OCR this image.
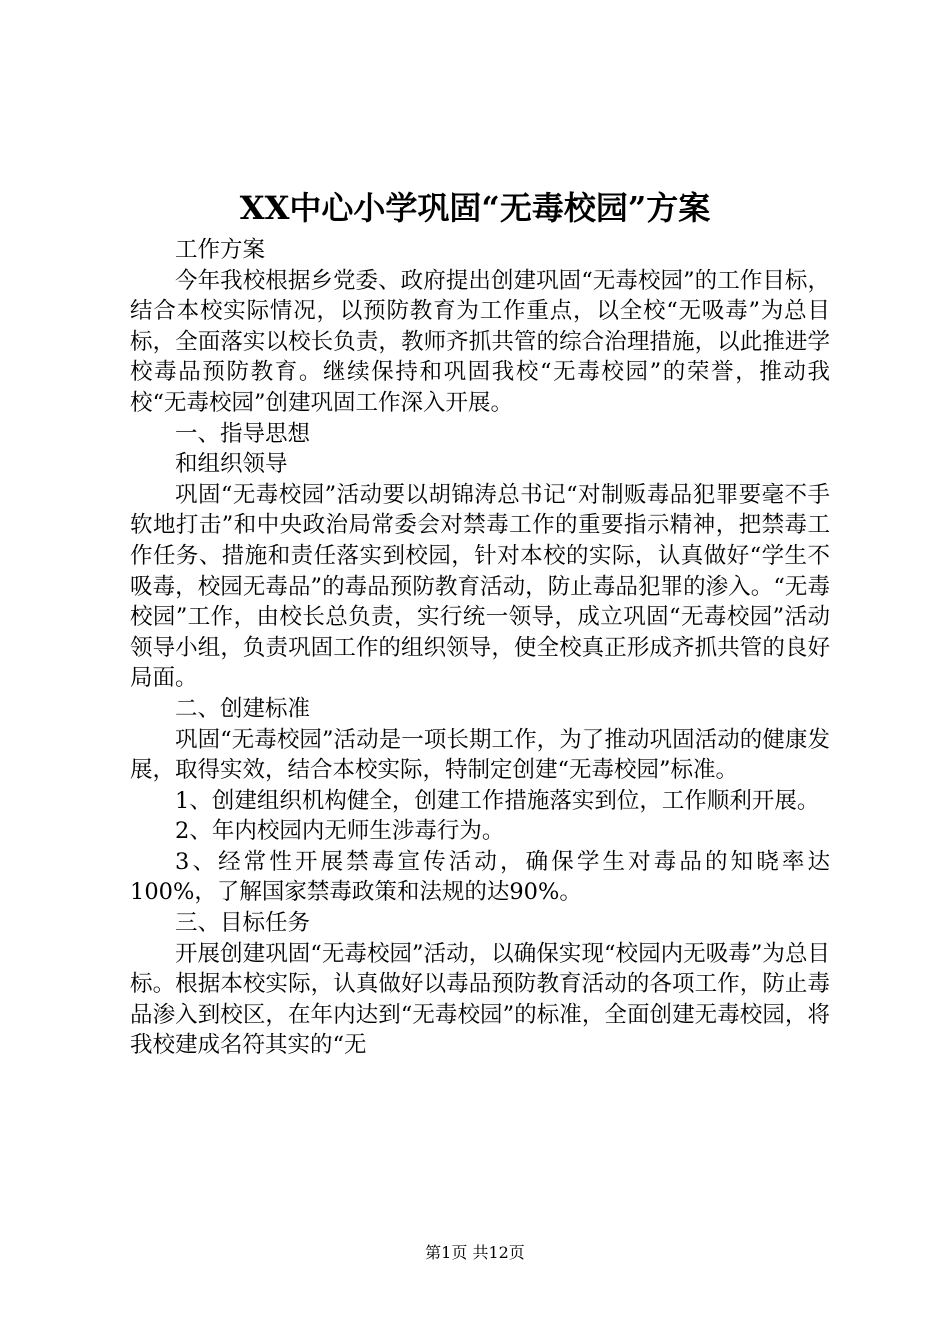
XX中心小学巩固“无毒校园”方案

工作方案

今年我校根据乡党委、政府提出创建巩固“无毒校园”的工作目标，结合本校实际情况，以预防教育为工作重点，以全校“无吸毒”为总目标，全面落实以校长负责，教师齐抓共管的综合治理措施，以此推进学校毒品预防教育。继续保持和巩固我校“无毒校园”的荣誉，推动我校“无毒校园”创建巩固工作深入开展。

一、指导思想

和组织领导

巩固“无毒校园”活动要以胡锦涛总书记“对制贩毒品犯罪要毫不手软地打击”和中央政治局常委会对禁毒工作的重要指示精神，把禁毒工作任务、措施和责任落实到校园，针对本校的实际，认真做好“学生不吸毒，校园无毒品”的毒品预防教育活动，防止毒品犯罪的渗入。“无毒校园”工作，由校长总负责，实行统一领导，成立巩固“无毒校园”活动领导小组，负责巩固工作的组织领导，使全校真正形成齐抓共管的良好局面。

二、创建标准

巩固“无毒校园”活动是一项长期工作，为了推动巩固活动的健康发展，取得实效，结合本校实际，特制定创建“无毒校园”标准。

1、创建组织机构健全，创建工作措施落实到位，工作顺利开展。

2、年内校园内无师生涉毒行为。

3、经常性开展禁毒宣传活动，确保学生对毒品的知晓率达100%，了解国家禁毒政策和法规的达90%。

三、目标任务

开展创建巩固“无毒校园”活动，以确保实现“校园内无吸毒”为总目标。根据本校实际，认真做好以毒品预防教育活动的各项工作，防止毒品渗入到校区，在年内达到“无毒校园”的标准，全面创建无毒校园，将我校建成名符其实的“无

第1页 共12页
